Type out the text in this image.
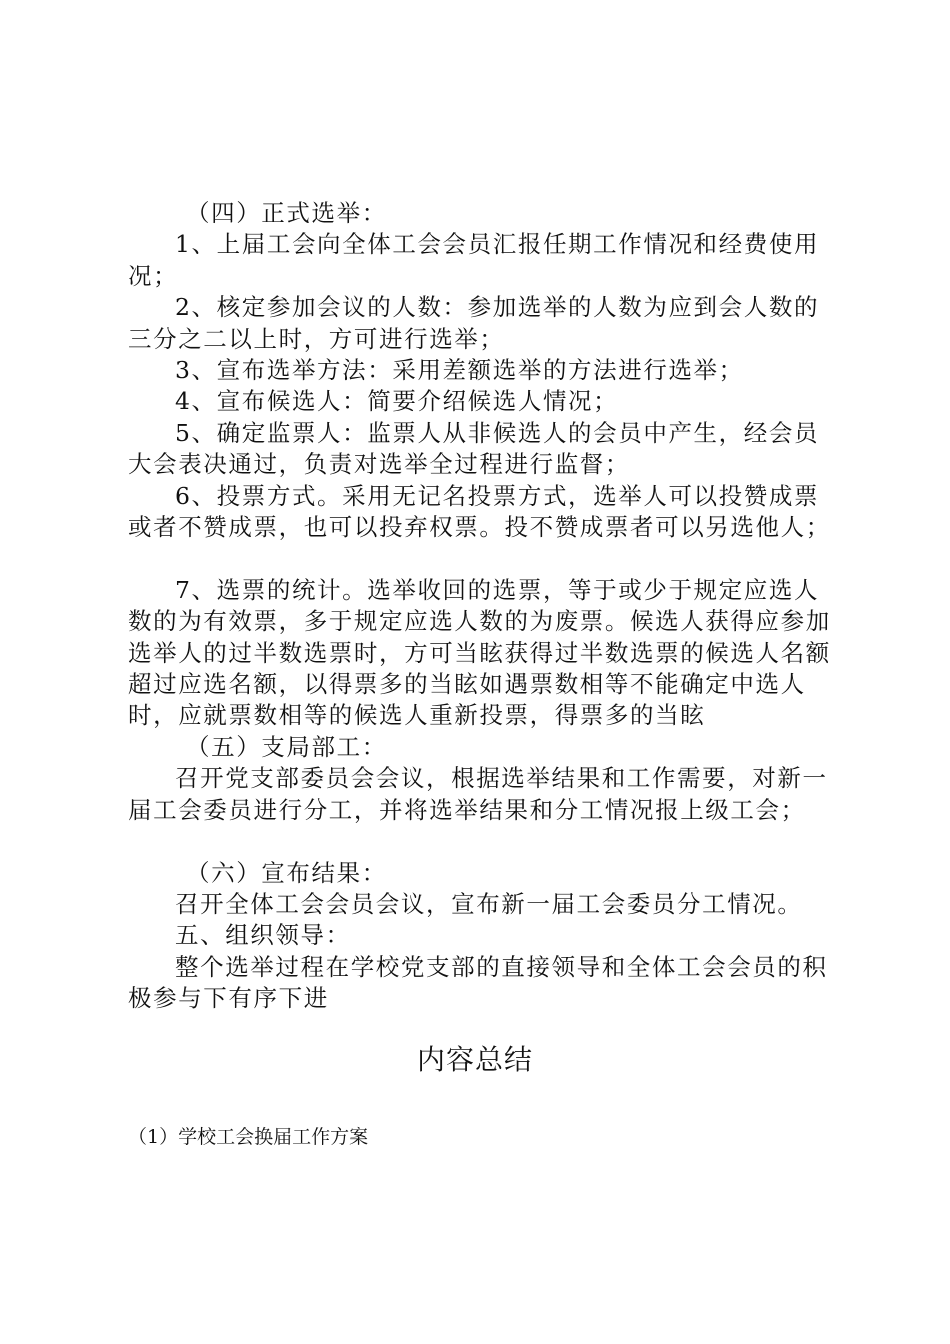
（四）正式选举：

1、上届工会向全体工会会员汇报任期工作情况和经费使用况；

2、核定参加会议的人数：参加选举的人数为应到会人数的三分之二以上时，方可进行选举；

3、宣布选举方法：采用差额选举的方法进行选举；

4、宣布候选人：简要介绍候选人情况；

5、确定监票人：监票人从非候选人的会员中产生，经会员大会表决通过，负责对选举全过程进行监督；

6、投票方式。采用无记名投票方式，选举人可以投赞成票或者不赞成票，也可以投弃权票。投不赞成票者可以另选他人；

7、选票的统计。选举收回的选票，等于或少于规定应选人数的为有效票，多于规定应选人数的为废票。候选人获得应参加选举人的过半数选票时，方可当眩获得过半数选票的候选人名额超过应选名额，以得票多的当眩如遇票数相等不能确定中选人时，应就票数相等的候选人重新投票，得票多的当眩

（五）支局部工：

召开党支部委员会会议，根据选举结果和工作需要，对新一届工会委员进行分工，并将选举结果和分工情况报上级工会；

（六）宣布结果：

召开全体工会会员会议，宣布新一届工会委员分工情况。

五、组织领导：

整个选举过程在学校党支部的直接领导和全体工会会员的积极参与下有序下进

内容总结

（1）学校工会换届工作方案
